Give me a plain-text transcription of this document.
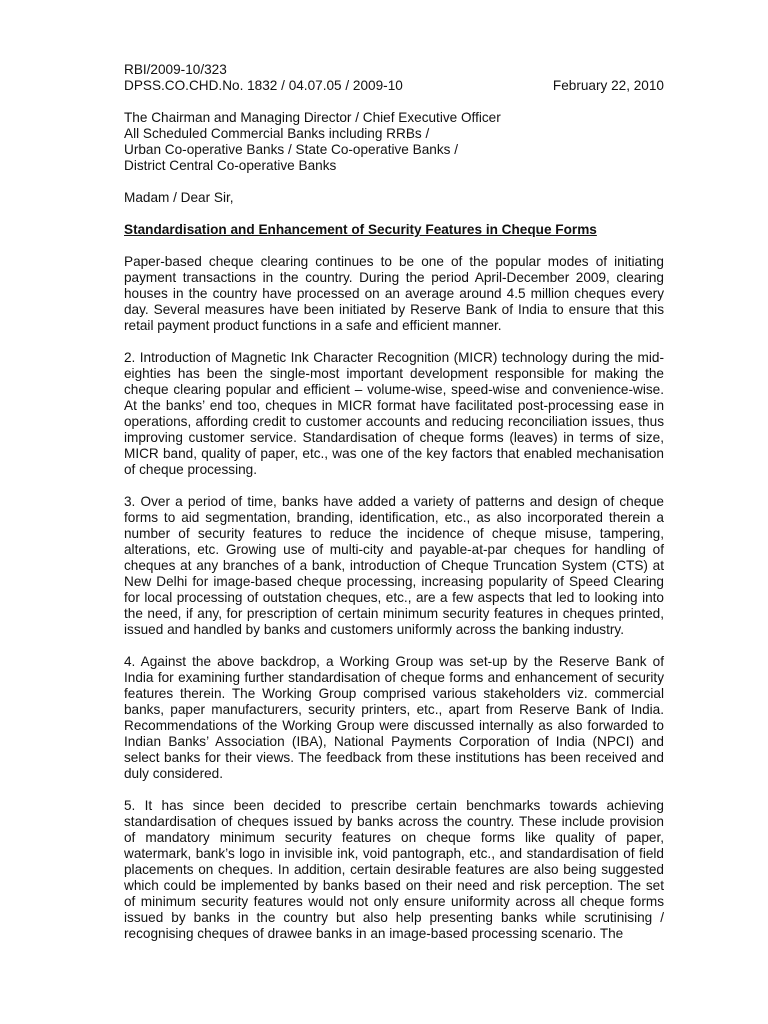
RBI/2009-10/323
DPSS.CO.CHD.No. 1832 / 04.07.05 / 2009-10	February 22, 2010
The Chairman and Managing Director / Chief Executive Officer
All Scheduled Commercial Banks including RRBs /
Urban Co-operative Banks / State Co-operative Banks /
District Central Co-operative Banks
Madam / Dear Sir,
Standardisation and Enhancement of Security Features in Cheque Forms
Paper-based cheque clearing continues to be one of the popular modes of initiating payment transactions in the country. During the period April-December 2009, clearing houses in the country have processed on an average around 4.5 million cheques every day. Several measures have been initiated by Reserve Bank of India to ensure that this retail payment product functions in a safe and efficient manner.
2. Introduction of Magnetic Ink Character Recognition (MICR) technology during the mid-eighties has been the single-most important development responsible for making the cheque clearing popular and efficient – volume-wise, speed-wise and convenience-wise. At the banks’ end too, cheques in MICR format have facilitated post-processing ease in operations, affording credit to customer accounts and reducing reconciliation issues, thus improving customer service. Standardisation of cheque forms (leaves) in terms of size, MICR band, quality of paper, etc., was one of the key factors that enabled mechanisation of cheque processing.
3. Over a period of time, banks have added a variety of patterns and design of cheque forms to aid segmentation, branding, identification, etc., as also incorporated therein a number of security features to reduce the incidence of cheque misuse, tampering, alterations, etc. Growing use of multi-city and payable-at-par cheques for handling of cheques at any branches of a bank, introduction of Cheque Truncation System (CTS) at New Delhi for image-based cheque processing, increasing popularity of Speed Clearing for local processing of outstation cheques, etc., are a few aspects that led to looking into the need, if any, for prescription of certain minimum security features in cheques printed, issued and handled by banks and customers uniformly across the banking industry.
4. Against the above backdrop, a Working Group was set-up by the Reserve Bank of India for examining further standardisation of cheque forms and enhancement of security features therein. The Working Group comprised various stakeholders viz. commercial banks, paper manufacturers, security printers, etc., apart from Reserve Bank of India. Recommendations of the Working Group were discussed internally as also forwarded to Indian Banks’ Association (IBA), National Payments Corporation of India (NPCI) and select banks for their views. The feedback from these institutions has been received and duly considered.
5. It has since been decided to prescribe certain benchmarks towards achieving standardisation of cheques issued by banks across the country. These include provision of mandatory minimum security features on cheque forms like quality of paper, watermark, bank’s logo in invisible ink, void pantograph, etc., and standardisation of field placements on cheques. In addition, certain desirable features are also being suggested which could be implemented by banks based on their need and risk perception. The set of minimum security features would not only ensure uniformity across all cheque forms issued by banks in the country but also help presenting banks while scrutinising / recognising cheques of drawee banks in an image-based processing scenario. The
